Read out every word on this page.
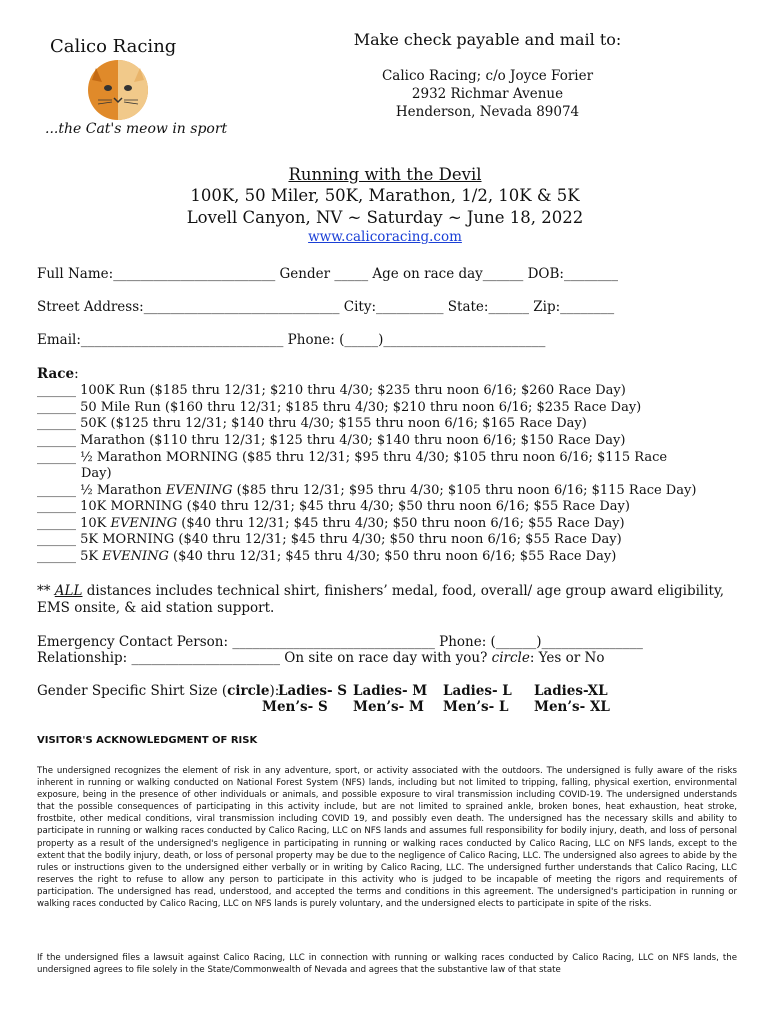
Calico Racing
...the Cat's meow in sport
Make check payable and mail to:
Calico Racing; c/o Joyce Forier
2932 Richmar Avenue
Henderson, Nevada 89074
Running with the Devil
100K, 50 Miler, 50K, Marathon, 1/2, 10K & 5K
Lovell Canyon, NV ~ Saturday ~ June 18, 2022
www.calicoracing.com
Full Name:________________________ Gender _____ Age on race day______ DOB:________
Street Address:_____________________________ City:__________ State:______ Zip:________
Email:______________________________ Phone: (_____)________________________
Race:
______ 100K Run ($185 thru 12/31; $210 thru 4/30; $235 thru noon 6/16; $260 Race Day)
______ 50 Mile Run ($160 thru 12/31; $185 thru 4/30; $210 thru noon 6/16; $235 Race Day)
______ 50K ($125 thru 12/31; $140 thru 4/30; $155 thru noon 6/16; $165 Race Day)
______ Marathon ($110 thru 12/31; $125 thru 4/30; $140 thru noon 6/16; $150 Race Day)
______ ½ Marathon MORNING ($85 thru 12/31; $95 thru 4/30; $105 thru noon 6/16; $115 Race
Day)
______ ½ Marathon EVENING ($85 thru 12/31; $95 thru 4/30; $105 thru noon 6/16; $115 Race Day)
______ 10K MORNING ($40 thru 12/31; $45 thru 4/30; $50 thru noon 6/16; $55 Race Day)
______ 10K EVENING ($40 thru 12/31; $45 thru 4/30; $50 thru noon 6/16; $55 Race Day)
______ 5K MORNING ($40 thru 12/31; $45 thru 4/30; $50 thru noon 6/16; $55 Race Day)
______ 5K EVENING ($40 thru 12/31; $45 thru 4/30; $50 thru noon 6/16; $55 Race Day)
** ALL distances includes technical shirt, finishers’ medal, food, overall/ age group award eligibility,
EMS onsite, & aid station support.
Emergency Contact Person: ______________________________ Phone: (______)_______________
Relationship: ______________________ On site on race day with you? circle: Yes or No
Gender Specific Shirt Size (circle):
Ladies- S Ladies- M Ladies- L Ladies-XL
Men’s- S Men’s- M Men’s- L Men’s- XL
VISITOR'S ACKNOWLEDGMENT OF RISK
The undersigned recognizes the element of risk in any adventure, sport, or activity associated with the outdoors. The undersigned is fully aware of the risks inherent in running or walking conducted on National Forest System (NFS) lands, including but not limited to tripping, falling, physical exertion, environmental exposure, being in the presence of other individuals or animals, and possible exposure to viral transmission including COVID-19. The undersigned understands that the possible consequences of participating in this activity include, but are not limited to sprained ankle, broken bones, heat exhaustion, heat stroke, frostbite, other medical conditions, viral transmission including COVID 19, and possibly even death. The undersigned has the necessary skills and ability to participate in running or walking races conducted by Calico Racing, LLC on NFS lands and assumes full responsibility for bodily injury, death, and loss of personal property as a result of the undersigned's negligence in participating in running or walking races conducted by Calico Racing, LLC on NFS lands, except to the extent that the bodily injury, death, or loss of personal property may be due to the negligence of Calico Racing, LLC. The undersigned also agrees to abide by the rules or instructions given to the undersigned either verbally or in writing by Calico Racing, LLC. The undersigned further understands that Calico Racing, LLC reserves the right to refuse to allow any person to participate in this activity who is judged to be incapable of meeting the rigors and requirements of participation. The undersigned has read, understood, and accepted the terms and conditions in this agreement. The undersigned's participation in running or walking races conducted by Calico Racing, LLC on NFS lands is purely voluntary, and the undersigned elects to participate in spite of the risks.
If the undersigned files a lawsuit against Calico Racing, LLC in connection with running or walking races conducted by Calico Racing, LLC on NFS lands, the undersigned agrees to file solely in the State/Commonwealth of Nevada and agrees that the substantive law of that state
